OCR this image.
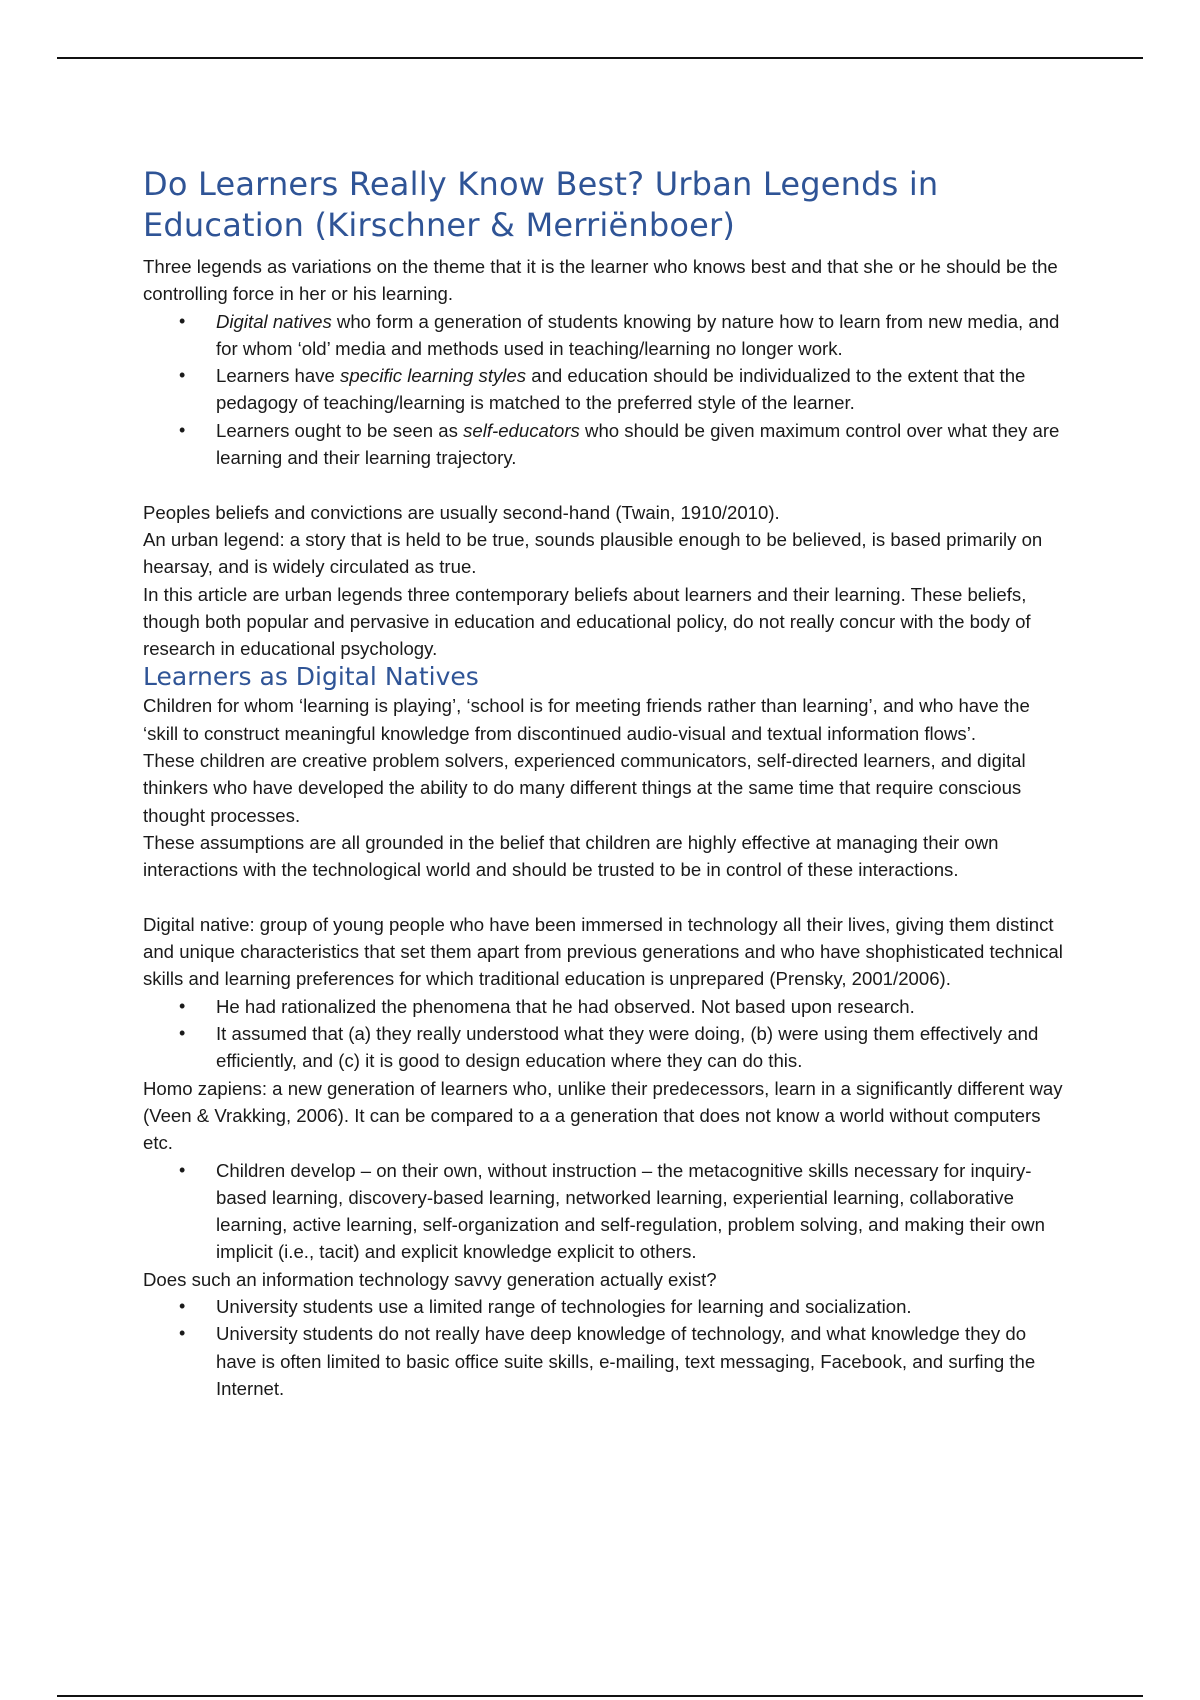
Do Learners Really Know Best? Urban Legends in Education (Kirschner & Merriënboer)

Three legends as variations on the theme that it is the learner who knows best and that she or he should be the controlling force in her or his learning.

• Digital natives who form a generation of students knowing by nature how to learn from new media, and for whom ‘old’ media and methods used in teaching/learning no longer work.
• Learners have specific learning styles and education should be individualized to the extent that the pedagogy of teaching/learning is matched to the preferred style of the learner.
• Learners ought to be seen as self-educators who should be given maximum control over what they are learning and their learning trajectory.

Peoples beliefs and convictions are usually second-hand (Twain, 1910/2010).

An urban legend: a story that is held to be true, sounds plausible enough to be believed, is based primarily on hearsay, and is widely circulated as true.

In this article are urban legends three contemporary beliefs about learners and their learning. These beliefs, though both popular and pervasive in education and educational policy, do not really concur with the body of research in educational psychology.

Learners as Digital Natives

Children for whom ‘learning is playing’, ‘school is for meeting friends rather than learning’, and who have the ‘skill to construct meaningful knowledge from discontinued audio-visual and textual information flows’.

These children are creative problem solvers, experienced communicators, self-directed learners, and digital thinkers who have developed the ability to do many different things at the same time that require conscious thought processes.

These assumptions are all grounded in the belief that children are highly effective at managing their own interactions with the technological world and should be trusted to be in control of these interactions.

Digital native: group of young people who have been immersed in technology all their lives, giving them distinct and unique characteristics that set them apart from previous generations and who have shophisticated technical skills and learning preferences for which traditional education is unprepared (Prensky, 2001/2006).

• He had rationalized the phenomena that he had observed. Not based upon research.
• It assumed that (a) they really understood what they were doing, (b) were using them effectively and efficiently, and (c) it is good to design education where they can do this.

Homo zapiens: a new generation of learners who, unlike their predecessors, learn in a significantly different way (Veen & Vrakking, 2006). It can be compared to a a generation that does not know a world without computers etc.

• Children develop – on their own, without instruction – the metacognitive skills necessary for inquiry-based learning, discovery-based learning, networked learning, experiential learning, collaborative learning, active learning, self-organization and self-regulation, problem solving, and making their own implicit (i.e., tacit) and explicit knowledge explicit to others.

Does such an information technology savvy generation actually exist?

• University students use a limited range of technologies for learning and socialization.
• University students do not really have deep knowledge of technology, and what knowledge they do have is often limited to basic office suite skills, e-mailing, text messaging, Facebook, and surfing the Internet.
